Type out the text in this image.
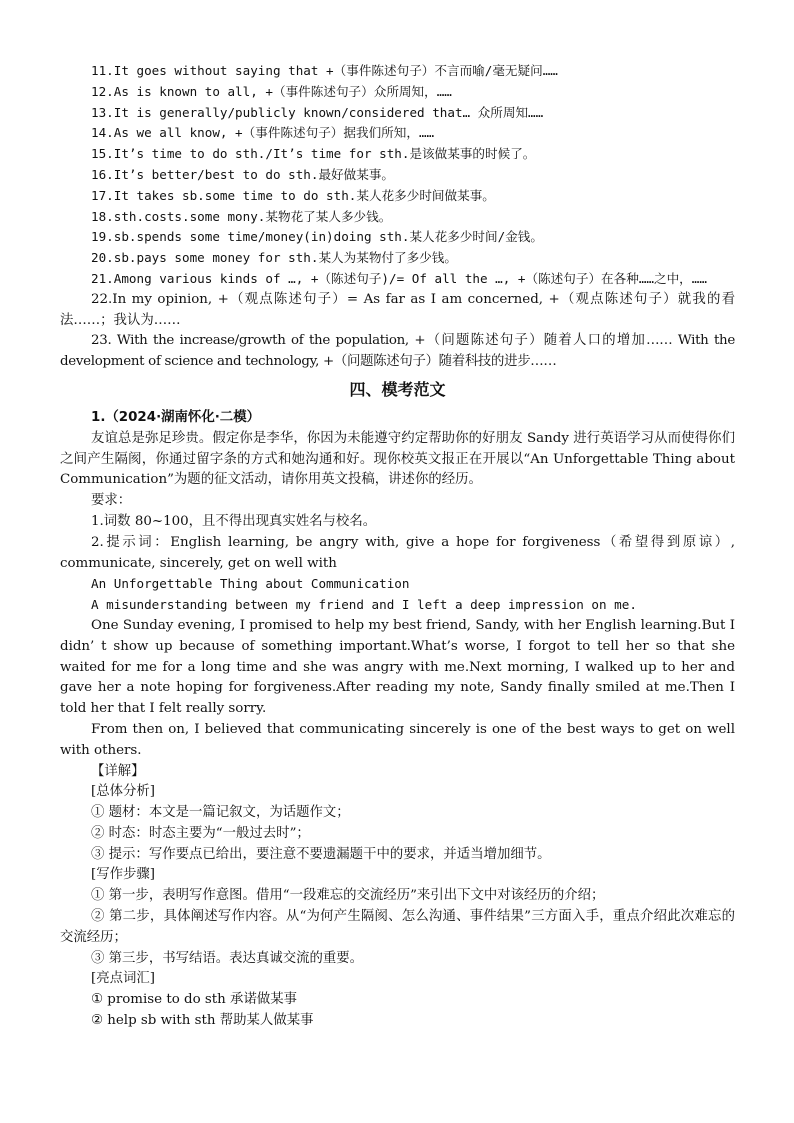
11.It goes without saying that +（事件陈述句子）不言而喻/毫无疑问……

12.As is known to all, +（事件陈述句子）众所周知，……

13.It is generally/publicly known/considered that… 众所周知……

14.As we all know, +（事件陈述句子）据我们所知，……

15.It’s time to do sth./It’s time for sth.是该做某事的时候了。

16.It’s better/best to do sth.最好做某事。

17.It takes sb.some time to do sth.某人花多少时间做某事。

18.sth.costs.some mony.某物花了某人多少钱。

19.sb.spends some time/money(in)doing sth.某人花多少时间/金钱。

20.sb.pays some money for sth.某人为某物付了多少钱。

21.Among various kinds of …, +（陈述句子)/= Of all the …, +（陈述句子）在各种……之中，……

22.In my opinion, +（观点陈述句子）= As far as I am concerned, +（观点陈述句子）就我的看法……；我认为……

23. With the increase/growth of the population, +（问题陈述句子）随着人口的增加…… With the development of science and technology, +（问题陈述句子）随着科技的进步……

四、模考范文

1.（2024·湖南怀化·二模）

友谊总是弥足珍贵。假定你是李华，你因为未能遵守约定帮助你的好朋友 Sandy 进行英语学习从而使得你们之间产生隔阂，你通过留字条的方式和她沟通和好。现你校英文报正在开展以“An Unforgettable Thing about Communication”为题的征文活动，请你用英文投稿，讲述你的经历。

要求：

1.词数 80~100，且不得出现真实姓名与校名。

2.提示词：English learning, be angry with, give a hope for forgiveness（希望得到原谅）, communicate, sincerely, get on well with

An Unforgettable Thing about Communication

A misunderstanding between my friend and I left a deep impression on me.

One Sunday evening, I promised to help my best friend, Sandy, with her English learning.But I didn’ t show up because of something important.What’s worse, I forgot to tell her so that she waited for me for a long time and she was angry with me.Next morning, I walked up to her and gave her a note hoping for forgiveness.After reading my note, Sandy finally smiled at me.Then I told her that I felt really sorry.

From then on, I believed that communicating sincerely is one of the best ways to get on well with others.

【详解】

[总体分析]

① 题材：本文是一篇记叙文，为话题作文；

② 时态：时态主要为“一般过去时”；

③ 提示：写作要点已给出，要注意不要遗漏题干中的要求，并适当增加细节。

[写作步骤]

① 第一步，表明写作意图。借用“一段难忘的交流经历”来引出下文中对该经历的介绍；

② 第二步，具体阐述写作内容。从“为何产生隔阂、怎么沟通、事件结果”三方面入手，重点介绍此次难忘的交流经历；

③ 第三步，书写结语。表达真诚交流的重要。

[亮点词汇]

① promise to do sth 承诺做某事

② help sb with sth 帮助某人做某事
